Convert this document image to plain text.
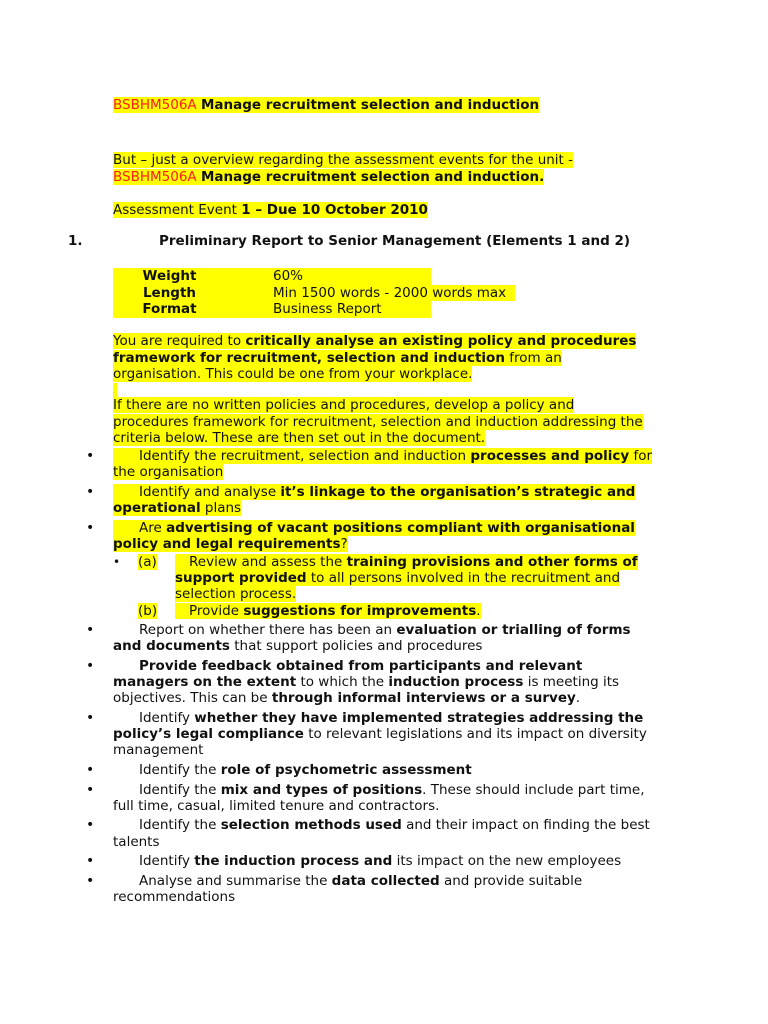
BSBHM506A Manage recruitment selection and induction
But – just a overview regarding the assessment events for the unit -
BSBHM506A Manage recruitment selection and induction.
Assessment Event 1 – Due 10 October 2010
1.	Preliminary Report to Senior Management (Elements 1 and 2)
Weight	60%
Length	Min 1500 words - 2000 words max
Format	Business Report
You are required to critically analyse an existing policy and procedures framework for recruitment, selection and induction from an organisation. This could be one from your workplace.

If there are no written policies and procedures, develop a policy and procedures framework for recruitment, selection and induction addressing the criteria below. These are then set out in the document.
•	Identify the recruitment, selection and induction processes and policy for the organisation
•	Identify and analyse it’s linkage to the organisation’s strategic and operational plans
•	Are advertising of vacant positions compliant with organisational policy and legal requirements?
• (a) Review and assess the training provisions and other forms of support provided to all persons involved in the recruitment and selection process.
(b) Provide suggestions for improvements.
•	Report on whether there has been an evaluation or trialling of forms and documents that support policies and procedures
•	Provide feedback obtained from participants and relevant managers on the extent to which the induction process is meeting its objectives. This can be through informal interviews or a survey.
•	Identify whether they have implemented strategies addressing the policy’s legal compliance to relevant legislations and its impact on diversity management
•	Identify the role of psychometric assessment
•	Identify the mix and types of positions. These should include part time, full time, casual, limited tenure and contractors.
•	Identify the selection methods used and their impact on finding the best talents
•	Identify the induction process and its impact on the new employees
•	Analyse and summarise the data collected and provide suitable recommendations
